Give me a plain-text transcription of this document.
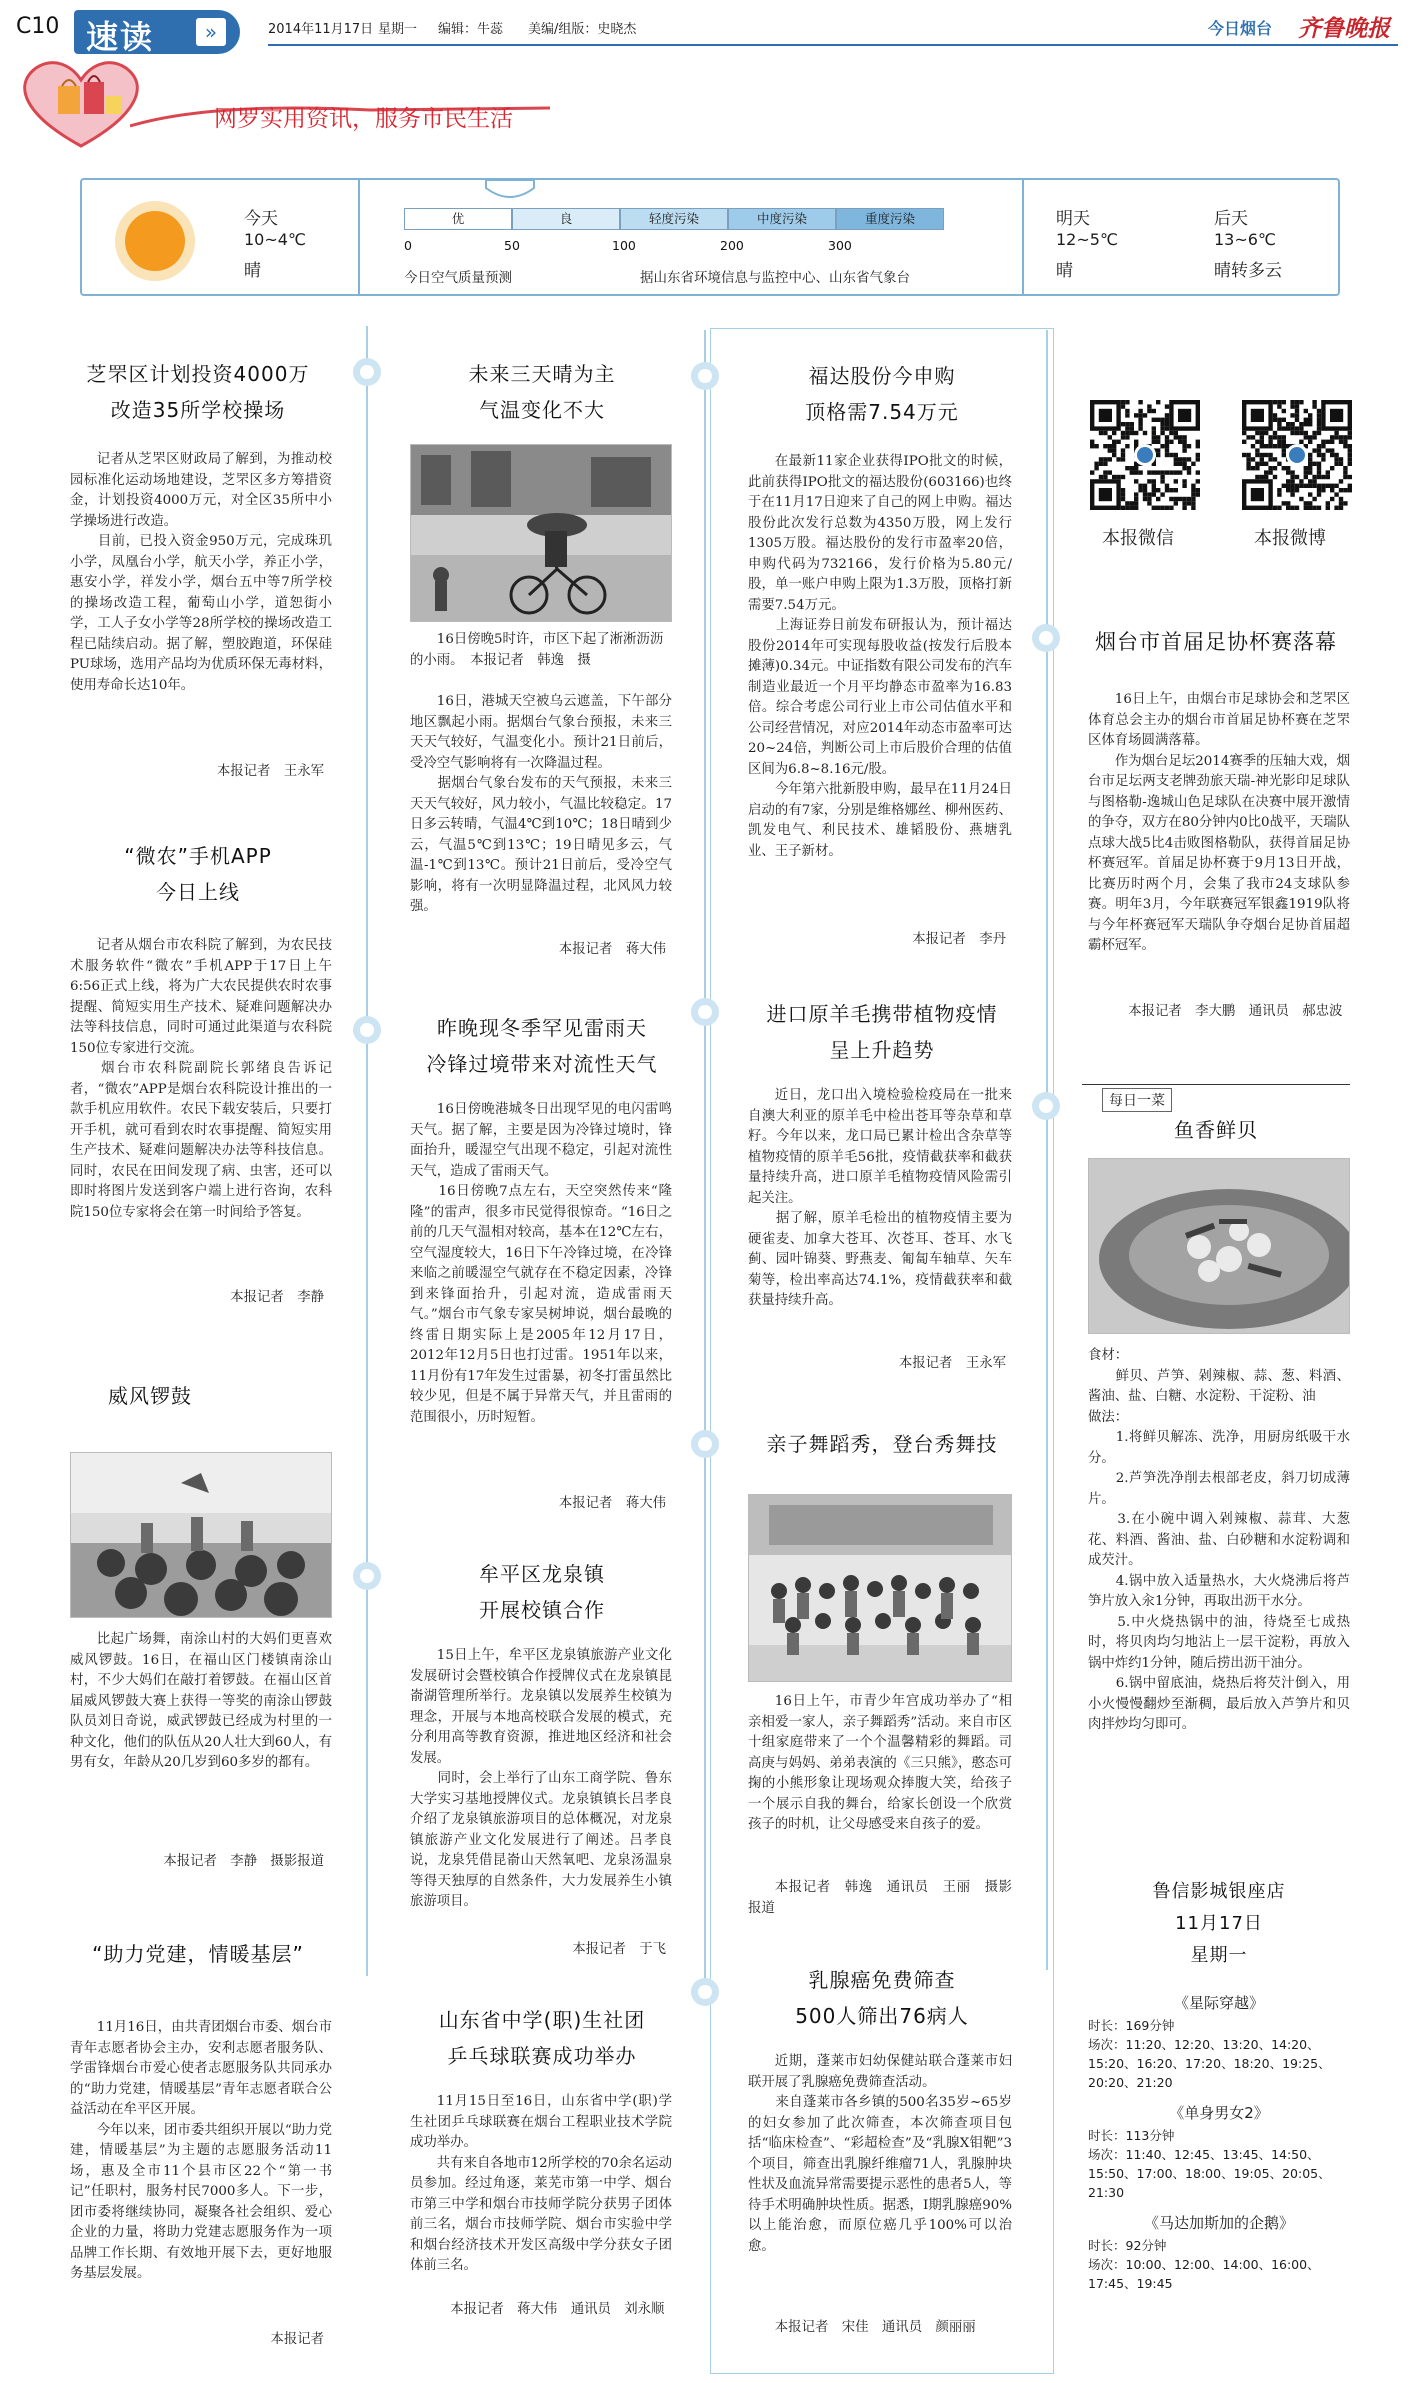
C10 速读	»	2014年11月17日 星期一 编辑：牛蕊 美编/组版：史晓杰	今日烟台 齐鲁晚报
网罗实用资讯，服务市民生活
今天
10~4℃
晴
优	良	轻度污染	中度污染	重度污染
0	50	100	200	300
今日空气质量预测	据山东省环境信息与监控中心、山东省气象台
明天
12~5℃
晴
后天
13~6℃
晴转多云
芝罘区计划投资4000万
改造35所学校操场
记者从芝罘区财政局了解到，为推动校园标准化运动场地建设，芝罘区多方筹措资金，计划投资4000万元，对全区35所中小学操场进行改造。
　　目前，已投入资金950万元，完成珠玑小学，凤凰台小学，航天小学，养正小学，惠安小学，祥发小学，烟台五中等7所学校的操场改造工程，葡萄山小学，道恕街小学，工人子女小学等28所学校的操场改造工程已陆续启动。据了解，塑胶跑道，环保硅PU球场，选用产品均为优质环保无毒材料，使用寿命长达10年。
本报记者　王永军
“微农”手机APP
今日上线
记者从烟台市农科院了解到，为农民技术服务软件“微农”手机APP于17日上午6:56正式上线，将为广大农民提供农时农事提醒、简短实用生产技术、疑难问题解决办法等科技信息，同时可通过此渠道与农科院150位专家进行交流。
　　烟台市农科院副院长郭绪良告诉记者，“微农”APP是烟台农科院设计推出的一款手机应用软件。农民下载安装后，只要打开手机，就可看到农时农事提醒、简短实用生产技术、疑难问题解决办法等科技信息。同时，农民在田间发现了病、虫害，还可以即时将图片发送到客户端上进行咨询，农科院150位专家将会在第一时间给予答复。
本报记者　李静
威风锣鼓
比起广场舞，南涂山村的大妈们更喜欢威风锣鼓。16日，在福山区门楼镇南涂山村，不少大妈们在敲打着锣鼓。在福山区首届威风锣鼓大赛上获得一等奖的南涂山锣鼓队员刘日奇说，威武锣鼓已经成为村里的一种文化，他们的队伍从20人壮大到60人，有男有女，年龄从20几岁到60多岁的都有。
本报记者　李静　摄影报道
“助力党建，情暖基层”
11月16日，由共青团烟台市委、烟台市青年志愿者协会主办，安利志愿者服务队、学雷锋烟台市爱心使者志愿服务队共同承办的“助力党建，情暖基层”青年志愿者联合公益活动在牟平区开展。
　　今年以来，团市委共组织开展以“助力党建，情暖基层”为主题的志愿服务活动11场，惠及全市11个县市区22个“第一书记”任职村，服务村民7000多人。下一步，团市委将继续协同，凝聚各社会组织、爱心企业的力量，将助力党建志愿服务作为一项品牌工作长期、有效地开展下去，更好地服务基层发展。
本报记者
未来三天晴为主
气温变化不大
16日傍晚5时许，市区下起了淅淅沥沥的小雨。　本报记者　韩逸　摄
16日，港城天空被乌云遮盖，下午部分地区飘起小雨。据烟台气象台预报，未来三天天气较好，气温变化小。预计21日前后，受冷空气影响将有一次降温过程。
　　据烟台气象台发布的天气预报，未来三天天气较好，风力较小，气温比较稳定。17日多云转晴，气温4℃到10℃；18日晴到少云，气温5℃到13℃；19日晴见多云，气温-1℃到13℃。预计21日前后，受冷空气影响，将有一次明显降温过程，北风风力较强。
本报记者　蒋大伟
昨晚现冬季罕见雷雨天
冷锋过境带来对流性天气
16日傍晚港城冬日出现罕见的电闪雷鸣天气。据了解，主要是因为冷锋过境时，锋面抬升，暖湿空气出现不稳定，引起对流性天气，造成了雷雨天气。
　　16日傍晚7点左右，天空突然传来“隆隆”的雷声，很多市民觉得很惊奇。“16日之前的几天气温相对较高，基本在12℃左右，空气湿度较大，16日下午冷锋过境，在冷锋来临之前暖湿空气就存在不稳定因素，冷锋到来锋面抬升，引起对流，造成雷雨天气。”烟台市气象专家吴树坤说，烟台最晚的终雷日期实际上是2005年12月17日，2012年12月5日也打过雷。1951年以来，11月份有17年发生过雷暴，初冬打雷虽然比较少见，但是不属于异常天气，并且雷雨的范围很小，历时短暂。
本报记者　蒋大伟
牟平区龙泉镇
开展校镇合作
15日上午，牟平区龙泉镇旅游产业文化发展研讨会暨校镇合作授牌仪式在龙泉镇昆嵛湖管理所举行。龙泉镇以发展养生校镇为理念，开展与本地高校联合发展的模式，充分利用高等教育资源，推进地区经济和社会发展。
　　同时，会上举行了山东工商学院、鲁东大学实习基地授牌仪式。龙泉镇镇长吕孝良介绍了龙泉镇旅游项目的总体概况，对龙泉镇旅游产业文化发展进行了阐述。吕孝良说，龙泉凭借昆嵛山天然氧吧、龙泉汤温泉等得天独厚的自然条件，大力发展养生小镇旅游项目。
本报记者　于飞
山东省中学(职)生社团
乒乓球联赛成功举办
11月15日至16日，山东省中学(职)学生社团乒乓球联赛在烟台工程职业技术学院成功举办。
　　共有来自各地市12所学校的70余名运动员参加。经过角逐，莱芜市第一中学、烟台市第三中学和烟台市技师学院分获男子团体前三名，烟台市技师学院、烟台市实验中学和烟台经济技术开发区高级中学分获女子团体前三名。
本报记者　蒋大伟　通讯员　刘永顺
福达股份今申购
顶格需7.54万元
在最新11家企业获得IPO批文的时候，此前获得IPO批文的福达股份(603166)也终于在11月17日迎来了自己的网上申购。福达股份此次发行总数为4350万股，网上发行1305万股。福达股份的发行市盈率20倍，申购代码为732166，发行价格为5.80元/股，单一账户申购上限为1.3万股，顶格打新需要7.54万元。
　　上海证券日前发布研报认为，预计福达股份2014年可实现每股收益(按发行后股本摊薄)0.34元。中证指数有限公司发布的汽车制造业最近一个月平均静态市盈率为16.83倍。综合考虑公司行业上市公司估值水平和公司经营情况，对应2014年动态市盈率可达20~24倍，判断公司上市后股价合理的估值区间为6.8~8.16元/股。
　　今年第六批新股申购，最早在11月24日启动的有7家，分别是维格娜丝、柳州医药、凯发电气、利民技术、雄韬股份、燕塘乳业、王子新材。
本报记者　李丹
进口原羊毛携带植物疫情
呈上升趋势
近日，龙口出入境检验检疫局在一批来自澳大利亚的原羊毛中检出苍耳等杂草和草籽。今年以来，龙口局已累计检出含杂草等植物疫情的原羊毛56批，疫情截获率和截获量持续升高，进口原羊毛植物疫情风险需引起关注。
　　据了解，原羊毛检出的植物疫情主要为硬雀麦、加拿大苍耳、次苍耳、苍耳、水飞蓟、园叶锦葵、野燕麦、匍匐车轴草、矢车菊等，检出率高达74.1%，疫情截获率和截获量持续升高。
本报记者　王永军
亲子舞蹈秀，登台秀舞技
16日上午，市青少年宫成功举办了“相亲相爱一家人，亲子舞蹈秀”活动。来自市区十组家庭带来了一个个温馨精彩的舞蹈。司高庚与妈妈、弟弟表演的《三只熊》，憨态可掬的小熊形象让现场观众捧腹大笑，给孩子一个展示自我的舞台，给家长创设一个欣赏孩子的时机，让父母感受来自孩子的爱。
本报记者　韩逸　通讯员　王丽　摄影报道
乳腺癌免费筛查
500人筛出76病人
近期，蓬莱市妇幼保健站联合蓬莱市妇联开展了乳腺癌免费筛查活动。
　　来自蓬莱市各乡镇的500名35岁~65岁的妇女参加了此次筛查，本次筛查项目包括“临床检查”、“彩超检查”及“乳腺X钼靶”3个项目，筛查出乳腺纤维瘤71人，乳腺肿块性状及血流异常需要提示恶性的患者5人，等待手术明确肿块性质。据悉，I期乳腺癌90%以上能治愈，而原位癌几乎100%可以治愈。
本报记者　宋佳　通讯员　颜丽丽
本报微信	本报微博
烟台市首届足协杯赛落幕
16日上午，由烟台市足球协会和芝罘区体育总会主办的烟台市首届足协杯赛在芝罘区体育场圆满落幕。
　　作为烟台足坛2014赛季的压轴大戏，烟台市足坛两支老牌劲旅天瑞-神光影印足球队与图格勒-逸城山色足球队在决赛中展开激情的争夺，双方在80分钟内0比0战平，天瑞队点球大战5比4击败图格勒队，获得首届足协杯赛冠军。首届足协杯赛于9月13日开战，比赛历时两个月，会集了我市24支球队参赛。明年3月，今年联赛冠军银鑫1919队将与今年杯赛冠军天瑞队争夺烟台足协首届超霸杯冠军。
本报记者　李大鹏　通讯员　郝忠波
每日一菜
鱼香鲜贝
食材：
　　鲜贝、芦笋、剁辣椒、蒜、葱、料酒、酱油、盐、白糖、水淀粉、干淀粉、油
做法：
　　1.将鲜贝解冻、洗净，用厨房纸吸干水分。
　　2.芦笋洗净削去根部老皮，斜刀切成薄片。
　　3.在小碗中调入剁辣椒、蒜茸、大葱花、料酒、酱油、盐、白砂糖和水淀粉调和成芡汁。
　　4.锅中放入适量热水，大火烧沸后将芦笋片放入汆1分钟，再取出沥干水分。
　　5.中火烧热锅中的油，待烧至七成热时，将贝肉均匀地沾上一层干淀粉，再放入锅中炸约1分钟，随后捞出沥干油分。
　　6.锅中留底油，烧热后将芡汁倒入，用小火慢慢翻炒至渐稠，最后放入芦笋片和贝肉拌炒均匀即可。
鲁信影城银座店
11月17日
星期一
《星际穿越》
时长：169分钟
场次：11:20、12:20、13:20、14:20、15:20、16:20、17:20、18:20、19:25、20:20、21:20
《单身男女2》
时长：113分钟
场次：11:40、12:45、13:45、14:50、15:50、17:00、18:00、19:05、20:05、21:30
《马达加斯加的企鹅》
时长：92分钟
场次：10:00、12:00、14:00、16:00、17:45、19:45
